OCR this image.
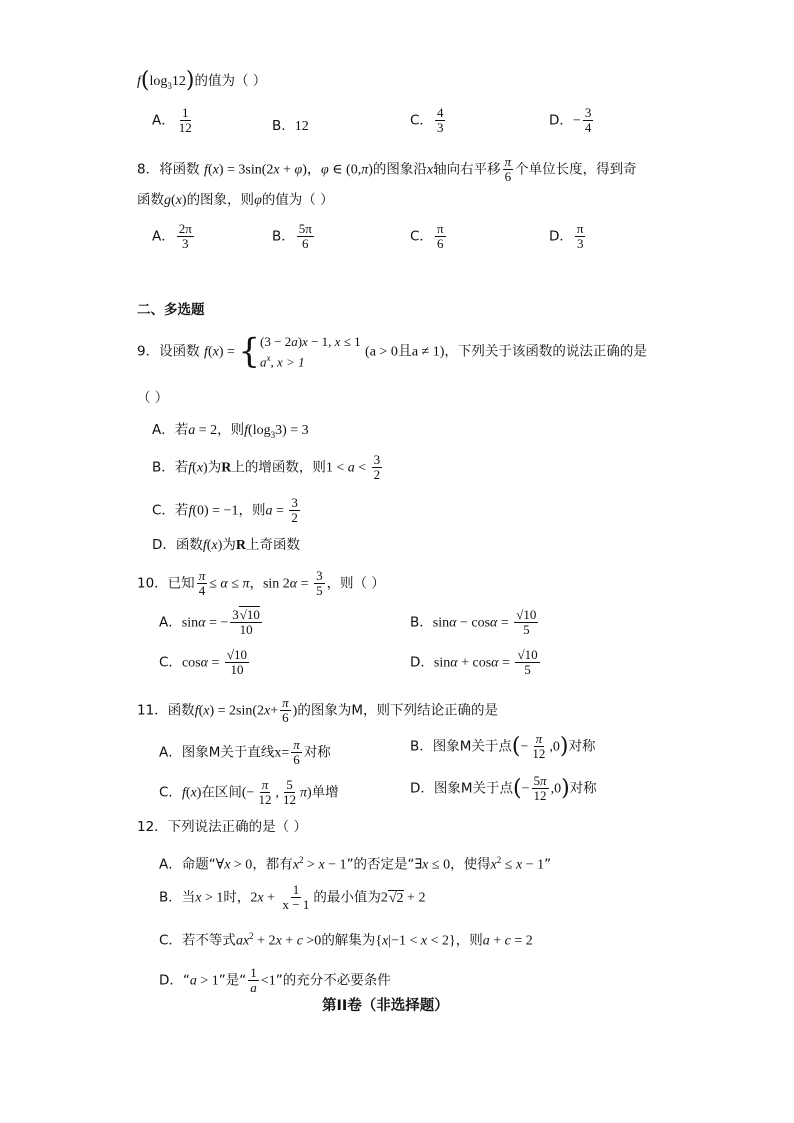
$f(\log_312)$的值为（ ）
A． $\frac{1}{12}$	B．12	C． $\frac{4}{3}$	D．− $\frac{3}{4}$
8．将函数 f(x) = 3sin(2x + φ)，φ ∈ (0,π)的图象沿x轴向右平移 $\frac{\pi}{6}$ 个单位长度，得到奇
函数g(x)的图象，则φ的值为（ ）
A． $\frac{2\pi}{3}$	B． $\frac{5\pi}{6}$	C． $\frac{\pi}{6}$	D． $\frac{\pi}{3}$
二、多选题
9．设函数 f(x) = { (3 − 2a)x − 1, x ≤ 1
$a^x$, x > 1
(a > 0且a ≠ 1)，下列关于该函数的说法正确的是
（ ）
A．若a = 2，则$f(\log_33) = 3$
B．若f(x)为R上的增函数，则$1 < a < \frac{3}{2}$
C．若f(0) = −1，则$a = \frac{3}{2}$
D．函数f(x)为R上奇函数
10．已知 $\frac{\pi}{4} \le \alpha \le \pi$，$\sin 2\alpha = \frac{3}{5}$ ，则（ ）
A．sinα = − $\frac{3√10}{10}$	B．$\sin\alpha - \cos\alpha = \frac{√10}{5}$
C．$\cos\alpha = \frac{√10}{10}$	D．$\sin\alpha + \cos\alpha = \frac{√10}{5}$
11．函数$f(x) = 2\sin(2x+ \frac{\pi}{6}$ )的图象为M，则下列结论正确的是
A．图象M关于直线$x= \frac{\pi}{6}$ 对称	B．图象M关于点(− $\frac{\pi}{12} ,0$)对称
C．f(x)在区间(− $\frac{\pi}{12}$ , $\frac{5}{12} \pi$)单增	D．图象M关于点(− $\frac{5\pi}{12} ,0$)对称
12．下列说法正确的是（ ）
A．命题“∀x > 0，都有$x^2 > x - 1$”的否定是“∃x ≤ 0，使得$x^2 \le x - 1$”
B．当x > 1时，$2x + \frac{1}{x - 1}$ 的最小值为2√2 + 2
C．若不等式$ax^2 + 2x + c >0$的解集为{x|−1 < x < 2}，则a + c = 2
D．“a > 1”是“ $\frac{1}{a} <1$”的充分不必要条件
第II卷（非选择题）
